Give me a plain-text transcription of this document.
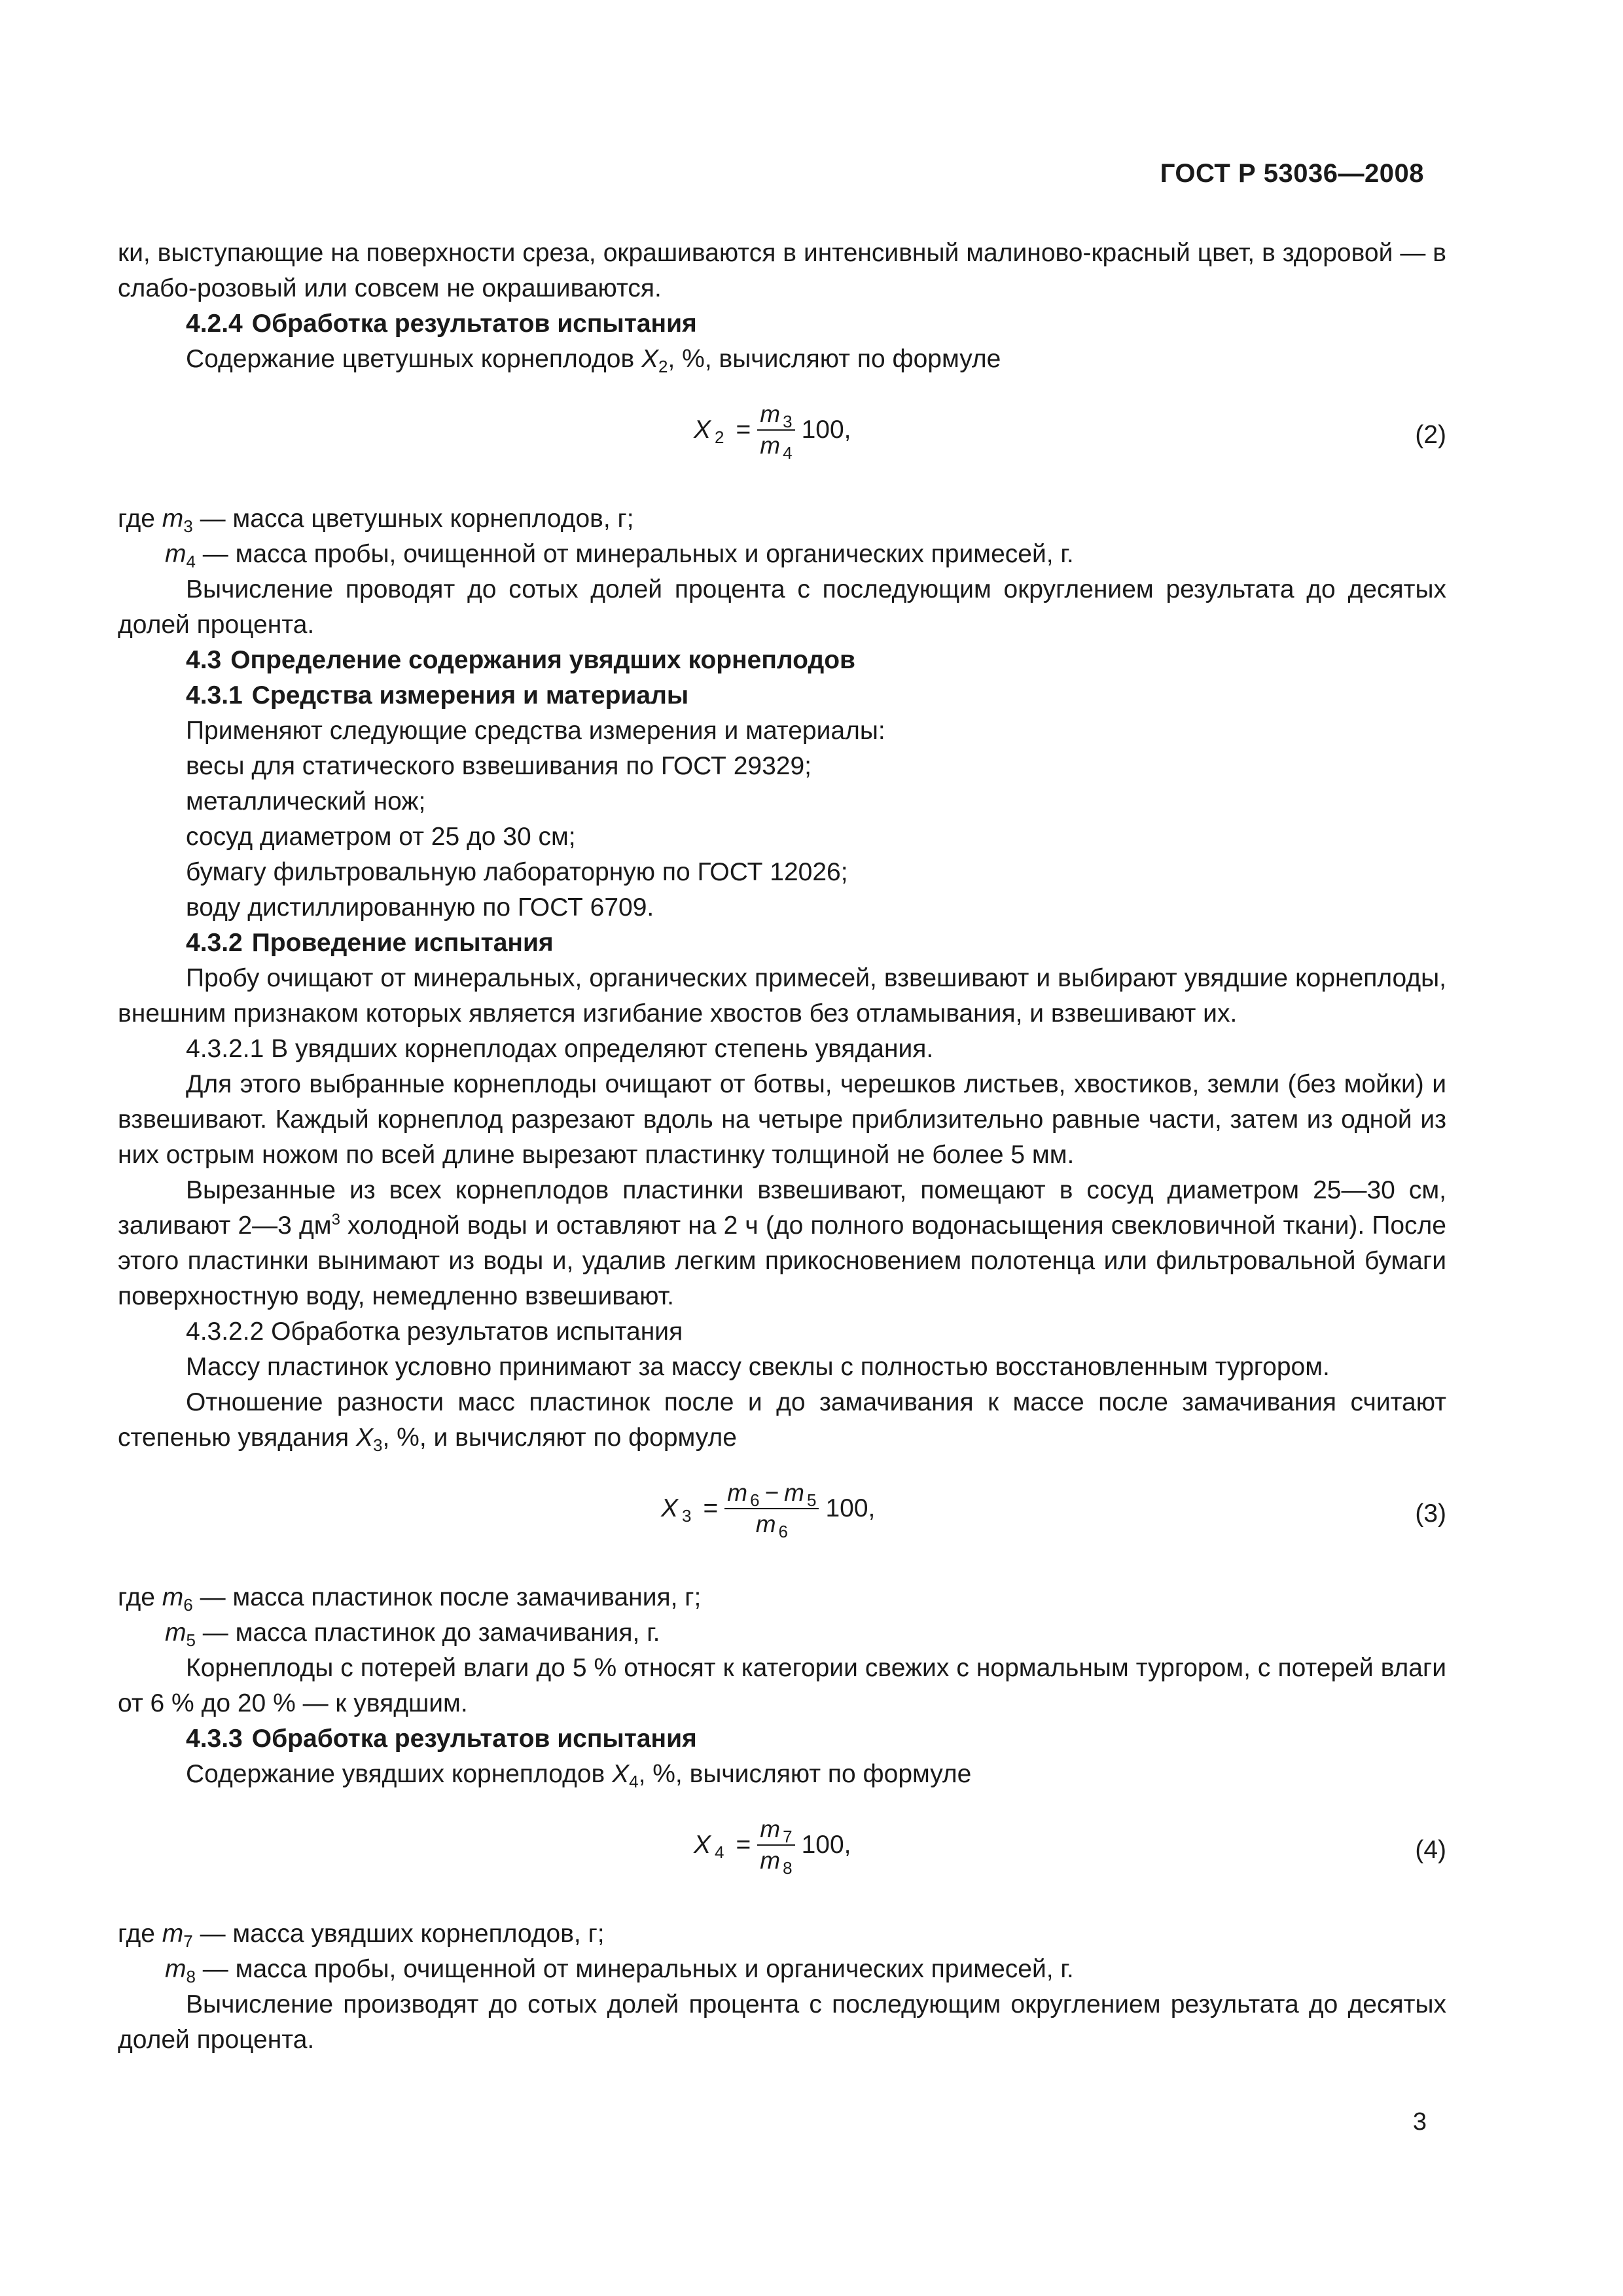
ГОСТ Р 53036—2008

ки, выступающие на поверхности среза, окрашиваются в интенсивный малиново-красный цвет, в здоровой — в слабо-розовый или совсем не окрашиваются.

4.2.4 Обработка результатов испытания

Содержание цветушных корнеплодов $X_2$, %, вычисляют по формуле

X $_2 = \frac{m _3}{m _4} 100$,	(2)

где $m_3$ — масса цветушных корнеплодов, г;

$m_4$ — масса пробы, очищенной от минеральных и органических примесей, г.

Вычисление проводят до сотых долей процента с последующим округлением результата до десятых долей процента.

4.3 Определение содержания увядших корнеплодов

4.3.1 Средства измерения и материалы

Применяют следующие средства измерения и материалы:
весы для статического взвешивания по ГОСТ 29329;
металлический нож;
сосуд диаметром от 25 до 30 см;
бумагу фильтровальную лабораторную по ГОСТ 12026;
воду дистиллированную по ГОСТ 6709.

4.3.2 Проведение испытания

Пробу очищают от минеральных, органических примесей, взвешивают и выбирают увядшие корнеплоды, внешним признаком которых является изгибание хвостов без отламывания, и взвешивают их.

4.3.2.1 В увядших корнеплодах определяют степень увядания.

Для этого выбранные корнеплоды очищают от ботвы, черешков листьев, хвостиков, земли (без мойки) и взвешивают. Каждый корнеплод разрезают вдоль на четыре приблизительно равные части, затем из одной из них острым ножом по всей длине вырезают пластинку толщиной не более 5 мм.

Вырезанные из всех корнеплодов пластинки взвешивают, помещают в сосуд диаметром 25—30 см, заливают 2—3 $дм^3$ холодной воды и оставляют на 2 ч (до полного водонасыщения свекловичной ткани). После этого пластинки вынимают из воды и, удалив легким прикосновением полотенца или фильтровальной бумаги поверхностную воду, немедленно взвешивают.

4.3.2.2 Обработка результатов испытания

Массу пластинок условно принимают за массу свеклы с полностью восстановленным тургором.

Отношение разности масс пластинок после и до замачивания к массе после замачивания считают степенью увядания $X_3$, %, и вычисляют по формуле

X $_3 = \frac{m _6 - m _5}{m _6} 100$,	(3)

где $m_6$ — масса пластинок после замачивания, г;

$m_5$ — масса пластинок до замачивания, г.

Корнеплоды с потерей влаги до 5 % относят к категории свежих с нормальным тургором, с потерей влаги от 6 % до 20 % — к увядшим.

4.3.3 Обработка результатов испытания

Содержание увядших корнеплодов $X_4$, %, вычисляют по формуле

X $_4 = \frac{m _7}{m _8} 100$,	(4)

где $m_7$ — масса увядших корнеплодов, г;

$m_8$ — масса пробы, очищенной от минеральных и органических примесей, г.

Вычисление производят до сотых долей процента с последующим округлением результата до десятых долей процента.

3
